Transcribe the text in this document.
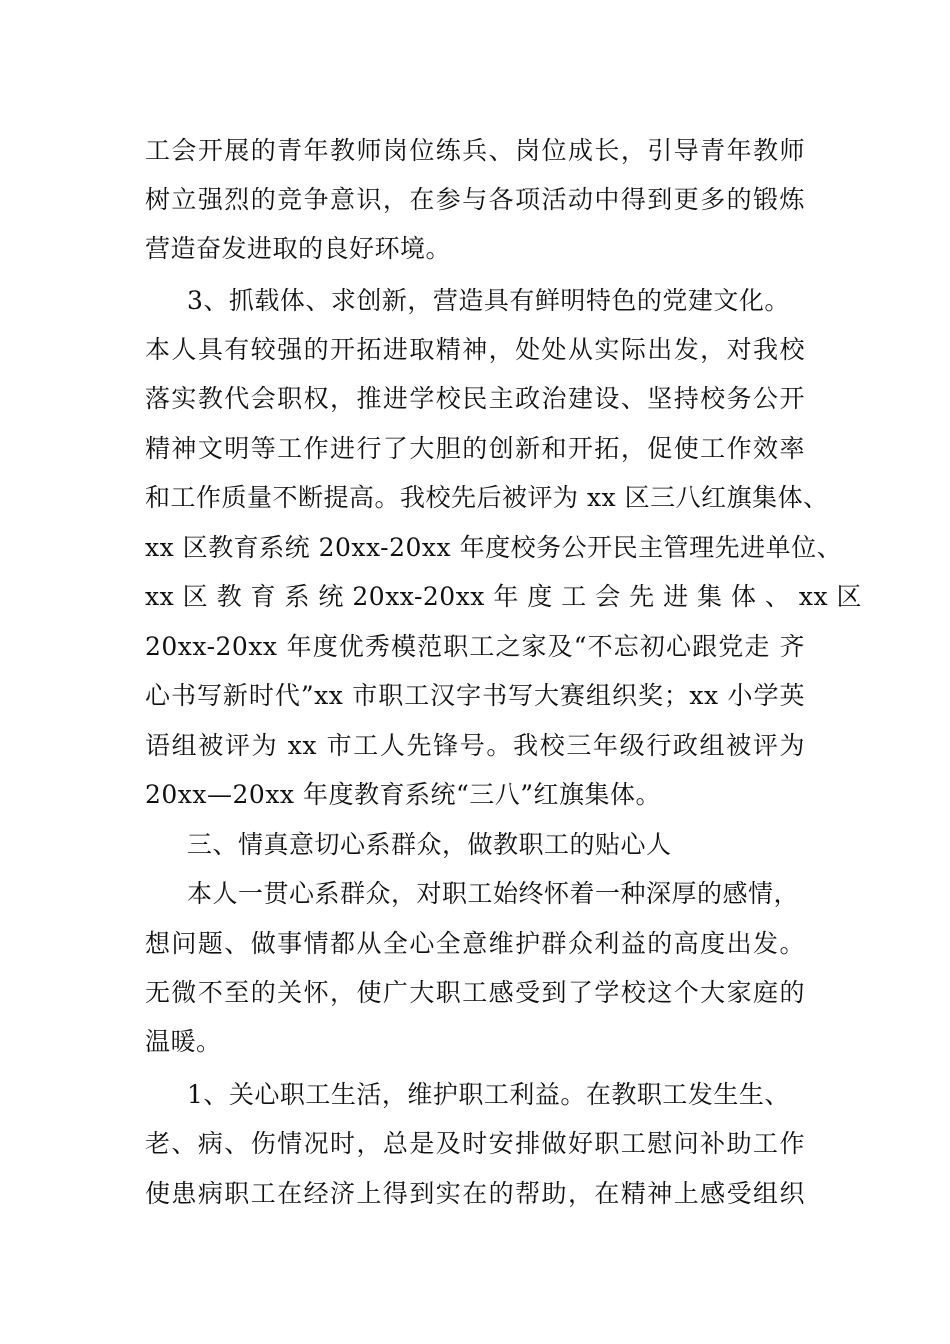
工会开展的青年教师岗位练兵、岗位成长，引导青年教师
树立强烈的竞争意识，在参与各项活动中得到更多的锻炼
营造奋发进取的良好环境。
3、抓载体、求创新，营造具有鲜明特色的党建文化。
本人具有较强的开拓进取精神，处处从实际出发，对我校
落实教代会职权，推进学校民主政治建设、坚持校务公开
精神文明等工作进行了大胆的创新和开拓，促使工作效率
和工作质量不断提高。我校先后被评为 xx 区三八红旗集体、
xx 区教育系统 20xx-20xx 年度校务公开民主管理先进单位、
xx 区 教 育 系 统 20xx-20xx 年 度 工 会 先 进 集 体 、 xx 区
20xx-20xx 年度优秀模范职工之家及“不忘初心跟党走 齐
心书写新时代”xx 市职工汉字书写大赛组织奖；xx 小学英
语组被评为 xx 市工人先锋号。我校三年级行政组被评为
20xx—20xx 年度教育系统“三八”红旗集体。
三、情真意切心系群众，做教职工的贴心人
本人一贯心系群众，对职工始终怀着一种深厚的感情，
想问题、做事情都从全心全意维护群众利益的高度出发。
无微不至的关怀，使广大职工感受到了学校这个大家庭的
温暖。
1、关心职工生活，维护职工利益。在教职工发生生、
老、病、伤情况时，总是及时安排做好职工慰问补助工作
使患病职工在经济上得到实在的帮助，在精神上感受组织
